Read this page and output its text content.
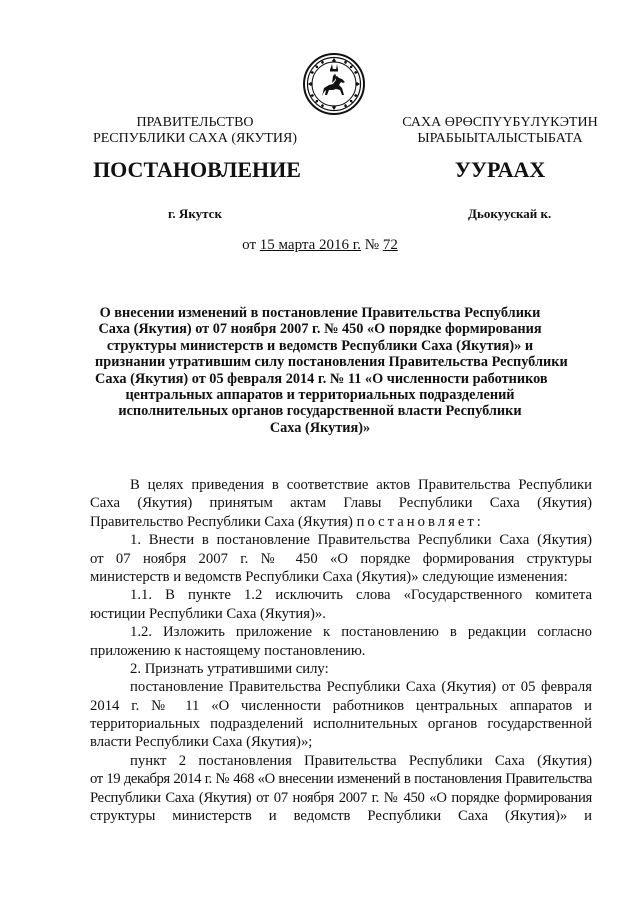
ПРАВИТЕЛЬСТВО
РЕСПУБЛИКИ САХА (ЯКУТИЯ)
САХА ӨРӨСПҮҮБҮЛҮКЭТИН
ЫРАБЫЫТАЛЫСТЫБАТА
ПОСТАНОВЛЕНИЕ	УУРААХ
г. Якутск	Дьокуускай к.
от 15 марта 2016 г. № 72
О внесении изменений в постановление Правительства Республики
Саха (Якутия) от 07 ноября 2007 г. № 450 «О порядке формирования
структуры министерств и ведомств Республики Саха (Якутия)» и
признании утратившим силу постановления Правительства Республики
Саха (Якутия) от 05 февраля 2014 г. № 11 «О численности работников
центральных аппаратов и территориальных подразделений
исполнительных органов государственной власти Республики
Саха (Якутия)»
В целях приведения в соответствие актов Правительства Республики
Саха (Якутия) принятым актам Главы Республики Саха (Якутия)
Правительство Республики Саха (Якутия) постановляет:
1. Внести в постановление Правительства Республики Саха (Якутия)
от 07 ноября 2007 г. № 450 «О порядке формирования структуры
министерств и ведомств Республики Саха (Якутия)» следующие изменения:
1.1. В пункте 1.2 исключить слова «Государственного комитета
юстиции Республики Саха (Якутия)».
1.2. Изложить приложение к постановлению в редакции согласно
приложению к настоящему постановлению.
2. Признать утратившими силу:
постановление Правительства Республики Саха (Якутия) от 05 февраля
2014 г. № 11 «О численности работников центральных аппаратов и
территориальных подразделений исполнительных органов государственной
власти Республики Саха (Якутия)»;
пункт 2 постановления Правительства Республики Саха (Якутия)
от 19 декабря 2014 г. № 468 «О внесении изменений в постановления Правительства
Республики Саха (Якутия) от 07 ноября 2007 г. № 450 «О порядке формирования
структуры министерств и ведомств Республики Саха (Якутия)» и
